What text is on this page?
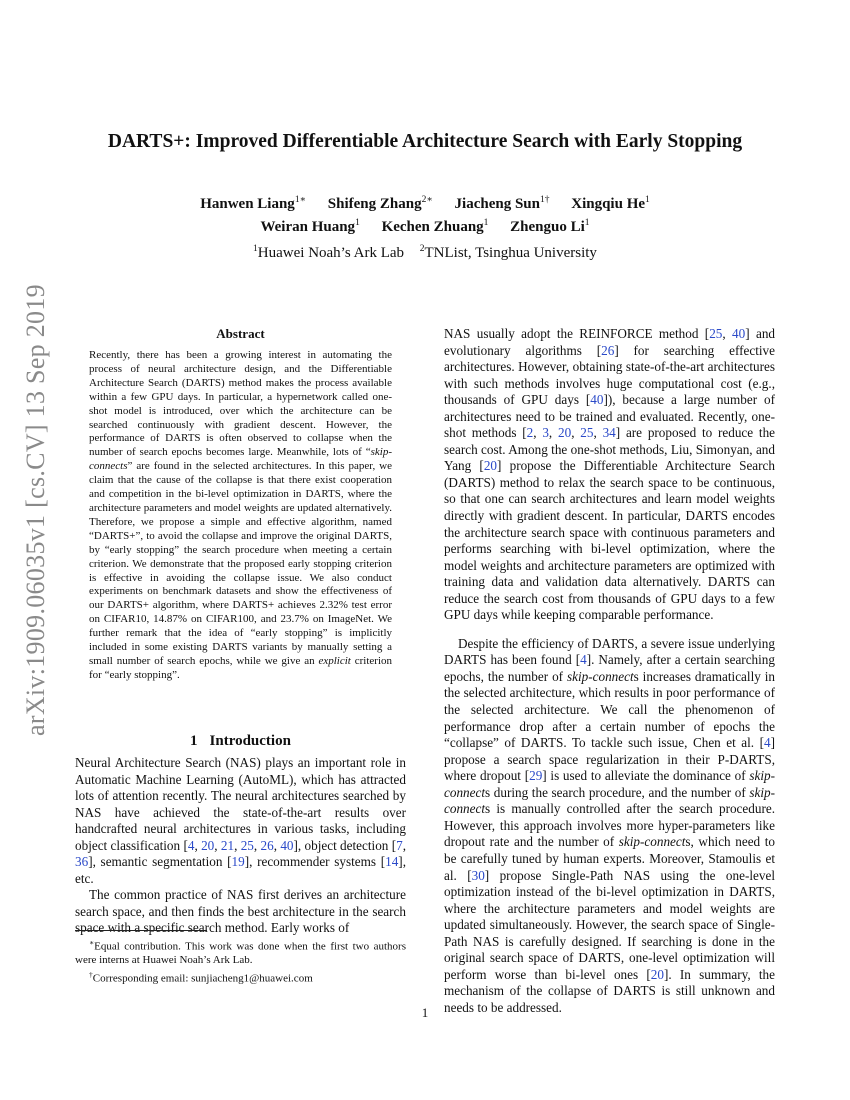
arXiv:1909.06035v1 [cs.CV] 13 Sep 2019
DARTS+: Improved Differentiable Architecture Search with Early Stopping
Hanwen Liang$^{1∗}$ Shifeng Zhang$^{2∗}$ Jiacheng Sun$^{1\dagger}$ Xingqiu He$^1$
Weiran Huang$^1$ Kechen Zhuang$^1$ Zhenguo Li$^1$
$^1$Huawei Noah’s Ark Lab $^2$TNList, Tsinghua University
Abstract

Recently, there has been a growing interest in automating the process of neural architecture design, and the Differentiable Architecture Search (DARTS) method makes the process available within a few GPU days. In particular, a hypernetwork called one-shot model is introduced, over which the architecture can be searched continuously with gradient descent. However, the performance of DARTS is often observed to collapse when the number of search epochs becomes large. Meanwhile, lots of “skip-connects” are found in the selected architectures. In this paper, we claim that the cause of the collapse is that there exist cooperation and competition in the bi-level optimization in DARTS, where the architecture parameters and model weights are updated alternatively. Therefore, we propose a simple and effective algorithm, named “DARTS+”, to avoid the collapse and improve the original DARTS, by “early stopping” the search procedure when meeting a certain criterion. We demonstrate that the proposed early stopping criterion is effective in avoiding the collapse issue. We also conduct experiments on benchmark datasets and show the effectiveness of our DARTS+ algorithm, where DARTS+ achieves 2.32% test error on CIFAR10, 14.87% on CIFAR100, and 23.7% on ImageNet. We further remark that the idea of “early stopping” is implicitly included in some existing DARTS variants by manually setting a small number of search epochs, while we give an explicit criterion for “early stopping”.

1 Introduction

Neural Architecture Search (NAS) plays an important role in Automatic Machine Learning (AutoML), which has attracted lots of attention recently. The neural architectures searched by NAS have achieved the state-of-the-art results over handcrafted neural architectures in various tasks, including object classification [4, 20, 21, 25, 26, 40], object detection [7, 36], semantic segmentation [19], recommender systems [14], etc.

The common practice of NAS first derives an architecture search space, and then finds the best architecture in the search space with a specific search method. Early works of

NAS usually adopt the REINFORCE method [25, 40] and evolutionary algorithms [26] for searching effective architectures. However, obtaining state-of-the-art architectures with such methods involves huge computational cost (e.g., thousands of GPU days [40]), because a large number of architectures need to be trained and evaluated. Recently, one-shot methods [2, 3, 20, 25, 34] are proposed to reduce the search cost. Among the one-shot methods, Liu, Simonyan, and Yang [20] propose the Differentiable Architecture Search (DARTS) method to relax the search space to be continuous, so that one can search architectures and learn model weights directly with gradient descent. In particular, DARTS encodes the architecture search space with continuous parameters and performs searching with bi-level optimization, where the model weights and architecture parameters are optimized with training data and validation data alternatively. DARTS can reduce the search cost from thousands of GPU days to a few GPU days while keeping comparable performance.

Despite the efficiency of DARTS, a severe issue underlying DARTS has been found [4]. Namely, after a certain searching epochs, the number of skip-connects increases dramatically in the selected architecture, which results in poor performance of the selected architecture. We call the phenomenon of performance drop after a certain number of epochs the “collapse” of DARTS. To tackle such issue, Chen et al. [4] propose a search space regularization in their P-DARTS, where dropout [29] is used to alleviate the dominance of skip-connects during the search procedure, and the number of skip-connects is manually controlled after the search procedure. However, this approach involves more hyper-parameters like dropout rate and the number of skip-connects, which need to be carefully tuned by human experts. Moreover, Stamoulis et al. [30] propose Single-Path NAS using the one-level optimization instead of the bi-level optimization in DARTS, where the architecture parameters and model weights are updated simultaneously. However, the search space of Single-Path NAS is carefully designed. If searching is done in the original search space of DARTS, one-level optimization will perform worse than bi-level ones [20]. In summary, the mechanism of the collapse of DARTS is still unknown and needs to be addressed.

∗Equal contribution. This work was done when the first two authors were interns at Huawei Noah’s Ark Lab.

†Corresponding email: sunjiacheng1@huawei.com

1
